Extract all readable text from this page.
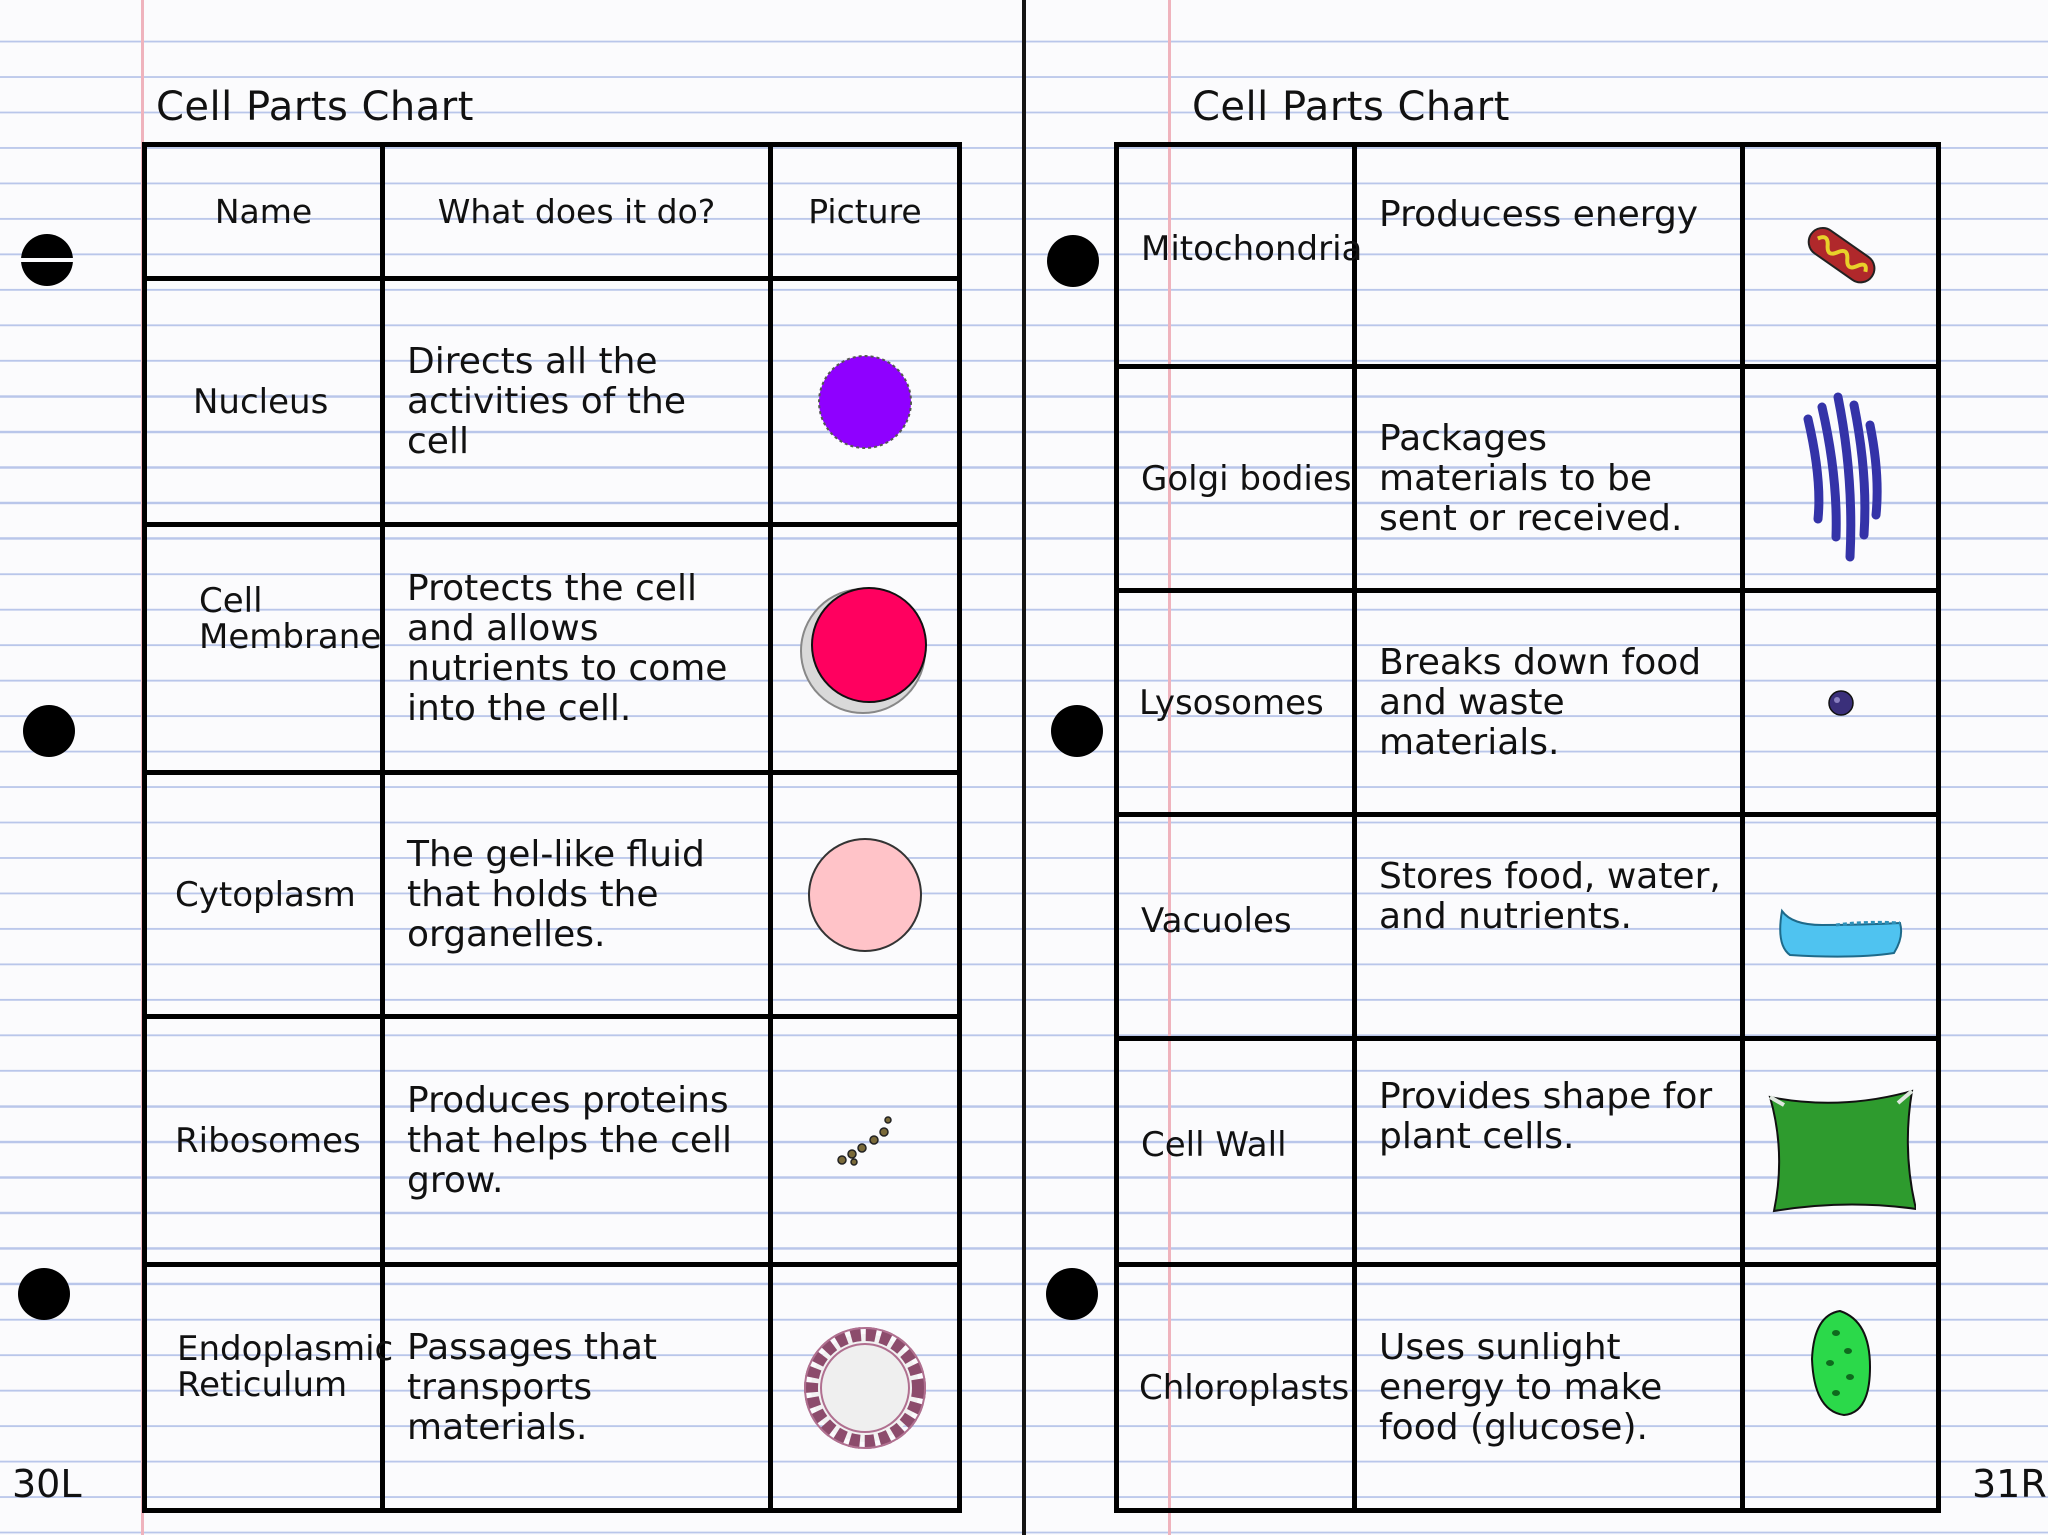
Cell Parts Chart
Name	What does it do?	Picture
Nucleus	Directs all the activities of the cell	
Cell Membrane	Protects the cell and allows nutrients to come into the cell.	
Cytoplasm	The gel-like fluid that holds the organelles.	
Ribosomes	Produces proteins that helps the cell grow.	
Endoplasmic Reticulum	Passages that transports materials.	
30L
Cell Parts Chart
Mitochondria	Producess energy	
Golgi bodies	Packages materials to be sent or received.	
Lysosomes	Breaks down food and waste materials.	
Vacuoles	Stores food, water, and nutrients.	
Cell Wall	Provides shape for plant cells.	
Chloroplasts	Uses sunlight energy to make food (glucose).	
31R
